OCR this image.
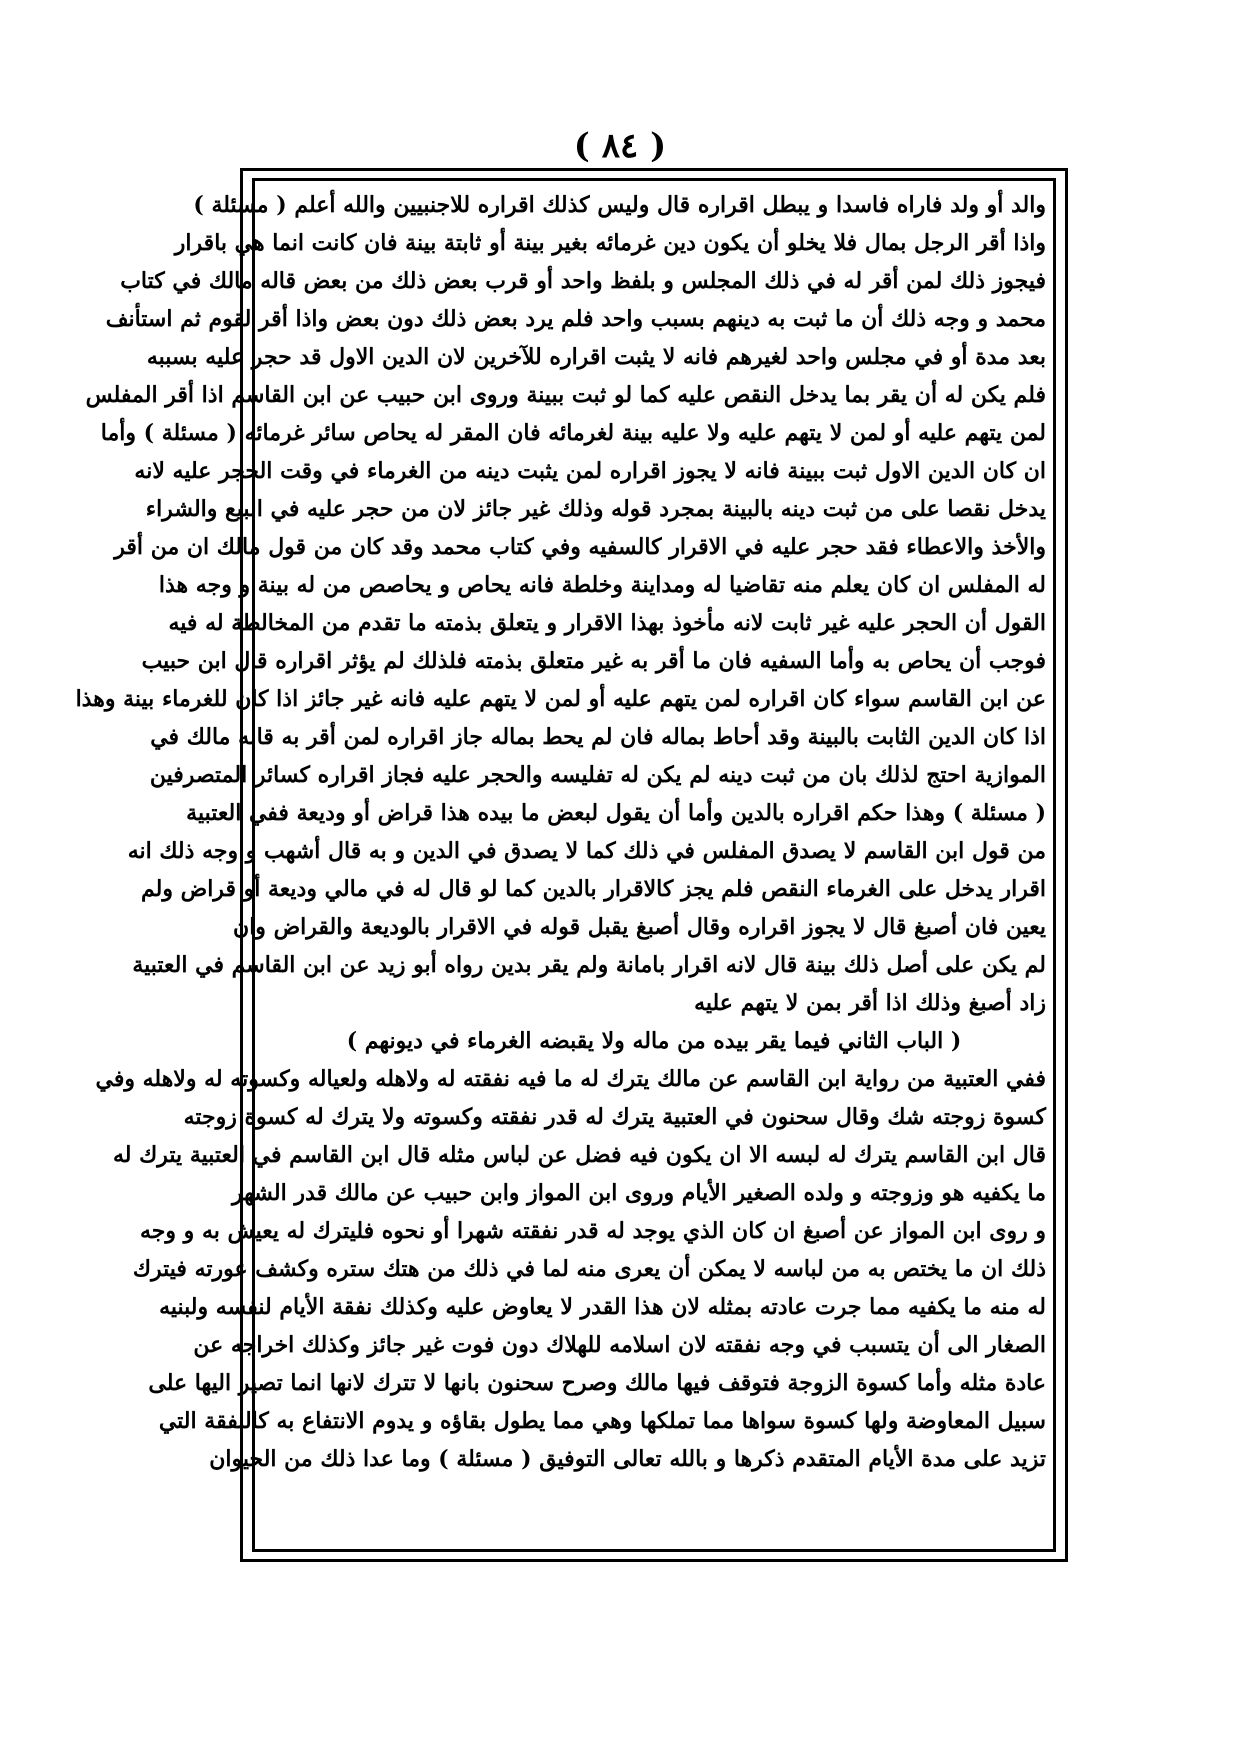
( ٨٤ )
والد أو ولد فاراه فاسدا و يبطل اقراره قال وليس كذلك اقراره للاجنبيين والله أعلم ( مسئلة )
واذا أقر الرجل بمال فلا يخلو أن يكون دين غرمائه بغير بينة أو ثابتة بينة فان كانت انما هي باقرار
فيجوز ذلك لمن أقر له في ذلك المجلس و بلفظ واحد أو قرب بعض ذلك من بعض قاله مالك في كتاب
محمد و وجه ذلك أن ما ثبت به دينهم بسبب واحد فلم يرد بعض ذلك دون بعض واذا أقر لقوم ثم استأنف
بعد مدة أو في مجلس واحد لغيرهم فانه لا يثبت اقراره للآخرين لان الدين الاول قد حجر عليه بسببه
فلم يكن له أن يقر بما يدخل النقص عليه كما لو ثبت ببينة وروى ابن حبيب عن ابن القاسم اذا أقر المفلس
لمن يتهم عليه أو لمن لا يتهم عليه ولا عليه بينة لغرمائه فان المقر له يحاص سائر غرمائه ( مسئلة ) وأما
ان كان الدين الاول ثبت ببينة فانه لا يجوز اقراره لمن يثبت دينه من الغرماء في وقت الحجر عليه لانه
يدخل نقصا على من ثبت دينه بالبينة بمجرد قوله وذلك غير جائز لان من حجر عليه في البيع والشراء
والأخذ والاعطاء فقد حجر عليه في الاقرار كالسفيه وفي كتاب محمد وقد كان من قول مالك ان من أقر
له المفلس ان كان يعلم منه تقاضيا له ومداينة وخلطة فانه يحاص و يحاصص من له بينة و وجه هذا
القول أن الحجر عليه غير ثابت لانه مأخوذ بهذا الاقرار و يتعلق بذمته ما تقدم من المخالطة له فيه
فوجب أن يحاص به وأما السفيه فان ما أقر به غير متعلق بذمته فلذلك لم يؤثر اقراره قال ابن حبيب
عن ابن القاسم سواء كان اقراره لمن يتهم عليه أو لمن لا يتهم عليه فانه غير جائز اذا كان للغرماء بينة وهذا
اذا كان الدين الثابت بالبينة وقد أحاط بماله فان لم يحط بماله جاز اقراره لمن أقر به قاله مالك في
الموازية احتج لذلك بان من ثبت دينه لم يكن له تفليسه والحجر عليه فجاز اقراره كسائر المتصرفين
( مسئلة ) وهذا حكم اقراره بالدين وأما أن يقول لبعض ما بيده هذا قراض أو وديعة ففي العتبية
من قول ابن القاسم لا يصدق المفلس في ذلك كما لا يصدق في الدين و به قال أشهب و وجه ذلك انه
اقرار يدخل على الغرماء النقص فلم يجز كالاقرار بالدين كما لو قال له في مالي وديعة أو قراض ولم
يعين فان أصبغ قال لا يجوز اقراره وقال أصبغ يقبل قوله في الاقرار بالوديعة والقراض وان
لم يكن على أصل ذلك بينة قال لانه اقرار بامانة ولم يقر بدين رواه أبو زيد عن ابن القاسم في العتبية
زاد أصبغ وذلك اذا أقر بمن لا يتهم عليه
( الباب الثاني فيما يقر بيده من ماله ولا يقبضه الغرماء في ديونهم )
ففي العتبية من رواية ابن القاسم عن مالك يترك له ما فيه نفقته له ولاهله ولعياله وكسوته له ولاهله وفي
كسوة زوجته شك وقال سحنون في العتبية يترك له قدر نفقته وكسوته ولا يترك له كسوة زوجته
قال ابن القاسم يترك له لبسه الا ان يكون فيه فضل عن لباس مثله قال ابن القاسم في العتبية يترك له
ما يكفيه هو وزوجته و ولده الصغير الأيام وروى ابن المواز وابن حبيب عن مالك قدر الشهر
و روى ابن المواز عن أصبغ ان كان الذي يوجد له قدر نفقته شهرا أو نحوه فليترك له يعيش به و وجه
ذلك ان ما يختص به من لباسه لا يمكن أن يعرى منه لما في ذلك من هتك ستره وكشف عورته فيترك
له منه ما يكفيه مما جرت عادته بمثله لان هذا القدر لا يعاوض عليه وكذلك نفقة الأيام لنفسه ولبنيه
الصغار الى أن يتسبب في وجه نفقته لان اسلامه للهلاك دون فوت غير جائز وكذلك اخراجه عن
عادة مثله وأما كسوة الزوجة فتوقف فيها مالك وصرح سحنون بانها لا تترك لانها انما تصير اليها على
سبيل المعاوضة ولها كسوة سواها مما تملكها وهي مما يطول بقاؤه و يدوم الانتفاع به كالنفقة التي
تزيد على مدة الأيام المتقدم ذكرها و بالله تعالى التوفيق ( مسئلة ) وما عدا ذلك من الحيوان
